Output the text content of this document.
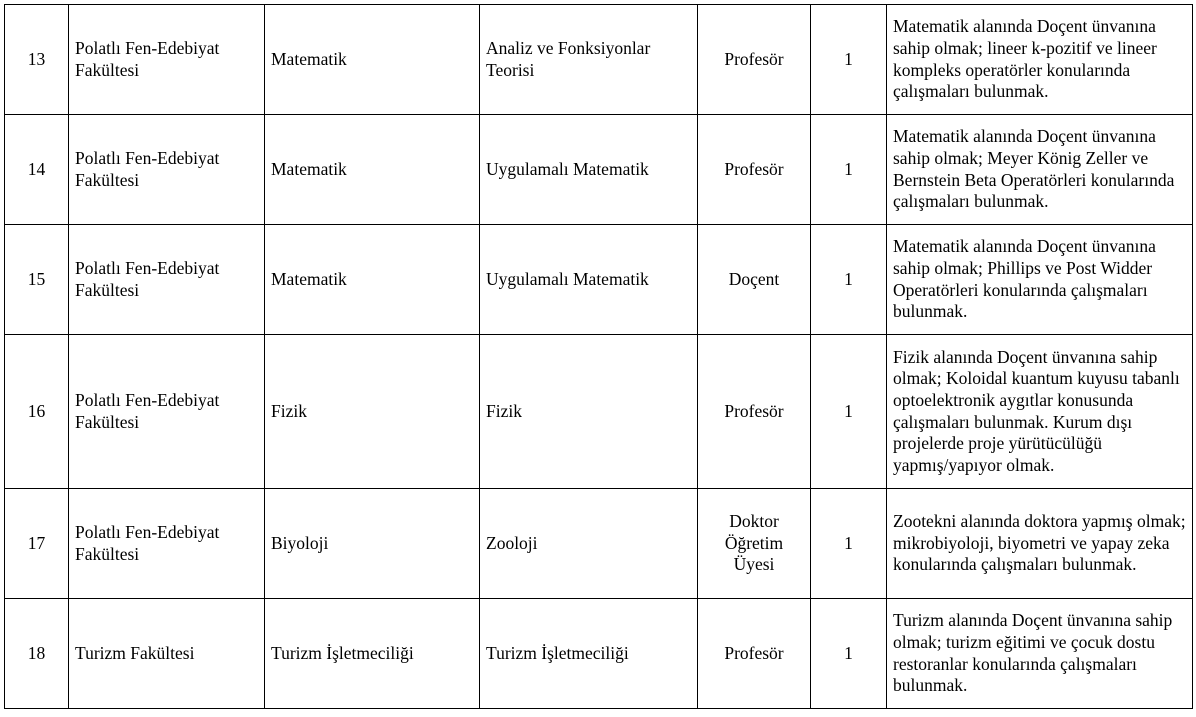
13	Polatlı Fen-Edebiyat Fakültesi	Matematik	Analiz ve Fonksiyonlar Teorisi	Profesör	1	Matematik alanında Doçent ünvanına sahip olmak; lineer k-pozitif ve lineer kompleks operatörler konularında çalışmaları bulunmak.
14	Polatlı Fen-Edebiyat Fakültesi	Matematik	Uygulamalı Matematik	Profesör	1	Matematik alanında Doçent ünvanına sahip olmak; Meyer König Zeller ve Bernstein Beta Operatörleri konularında çalışmaları bulunmak.
15	Polatlı Fen-Edebiyat Fakültesi	Matematik	Uygulamalı Matematik	Doçent	1	Matematik alanında Doçent ünvanına sahip olmak; Phillips ve Post Widder Operatörleri konularında çalışmaları bulunmak.
16	Polatlı Fen-Edebiyat Fakültesi	Fizik	Fizik	Profesör	1	Fizik alanında Doçent ünvanına sahip olmak; Koloidal kuantum kuyusu tabanlı optoelektronik aygıtlar konusunda çalışmaları bulunmak. Kurum dışı projelerde proje yürütücülüğü yapmış/yapıyor olmak.
17	Polatlı Fen-Edebiyat Fakültesi	Biyoloji	Zooloji	Doktor Öğretim Üyesi	1	Zootekni alanında doktora yapmış olmak; mikrobiyoloji, biyometri ve yapay zeka konularında çalışmaları bulunmak.
18	Turizm Fakültesi	Turizm İşletmeciliği	Turizm İşletmeciliği	Profesör	1	Turizm alanında Doçent ünvanına sahip olmak; turizm eğitimi ve çocuk dostu restoranlar konularında çalışmaları bulunmak.
